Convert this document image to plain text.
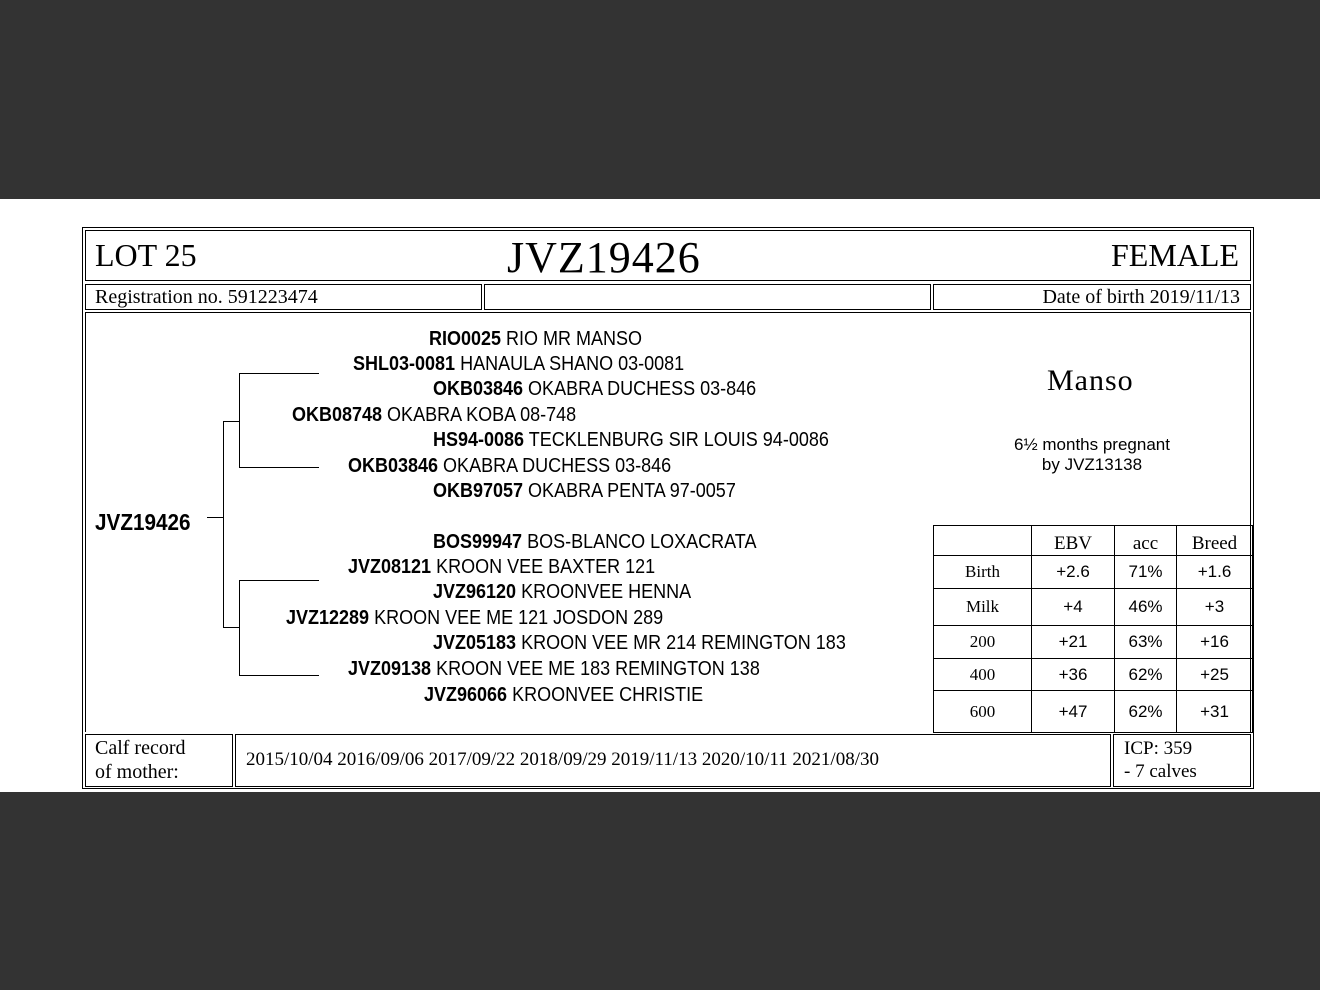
LOT 25	JVZ19426	FEMALE
Registration no. 591223474	Date of birth 2019/11/13
JVZ19426
RIO0025 RIO MR MANSO
SHL03-0081 HANAULA SHANO 03-0081
OKB03846 OKABRA DUCHESS 03-846
OKB08748 OKABRA KOBA 08-748
HS94-0086 TECKLENBURG SIR LOUIS 94-0086
OKB03846 OKABRA DUCHESS 03-846
OKB97057 OKABRA PENTA 97-0057
BOS99947 BOS-BLANCO LOXACRATA
JVZ08121 KROON VEE BAXTER 121
JVZ96120 KROONVEE HENNA
JVZ12289 KROON VEE ME 121 JOSDON 289
JVZ05183 KROON VEE MR 214 REMINGTON 183
JVZ09138 KROON VEE ME 183 REMINGTON 138
JVZ96066 KROONVEE CHRISTIE
Manso
6½ months pregnant
by JVZ13138
	EBV	acc	Breed
Birth	+2.6	71%	+1.6
Milk	+4	46%	+3
200	+21	63%	+16
400	+36	62%	+25
600	+47	62%	+31
Calf record
of mother:
2015/10/04 2016/09/06 2017/09/22 2018/09/29 2019/11/13 2020/10/11 2021/08/30
ICP: 359
- 7 calves
